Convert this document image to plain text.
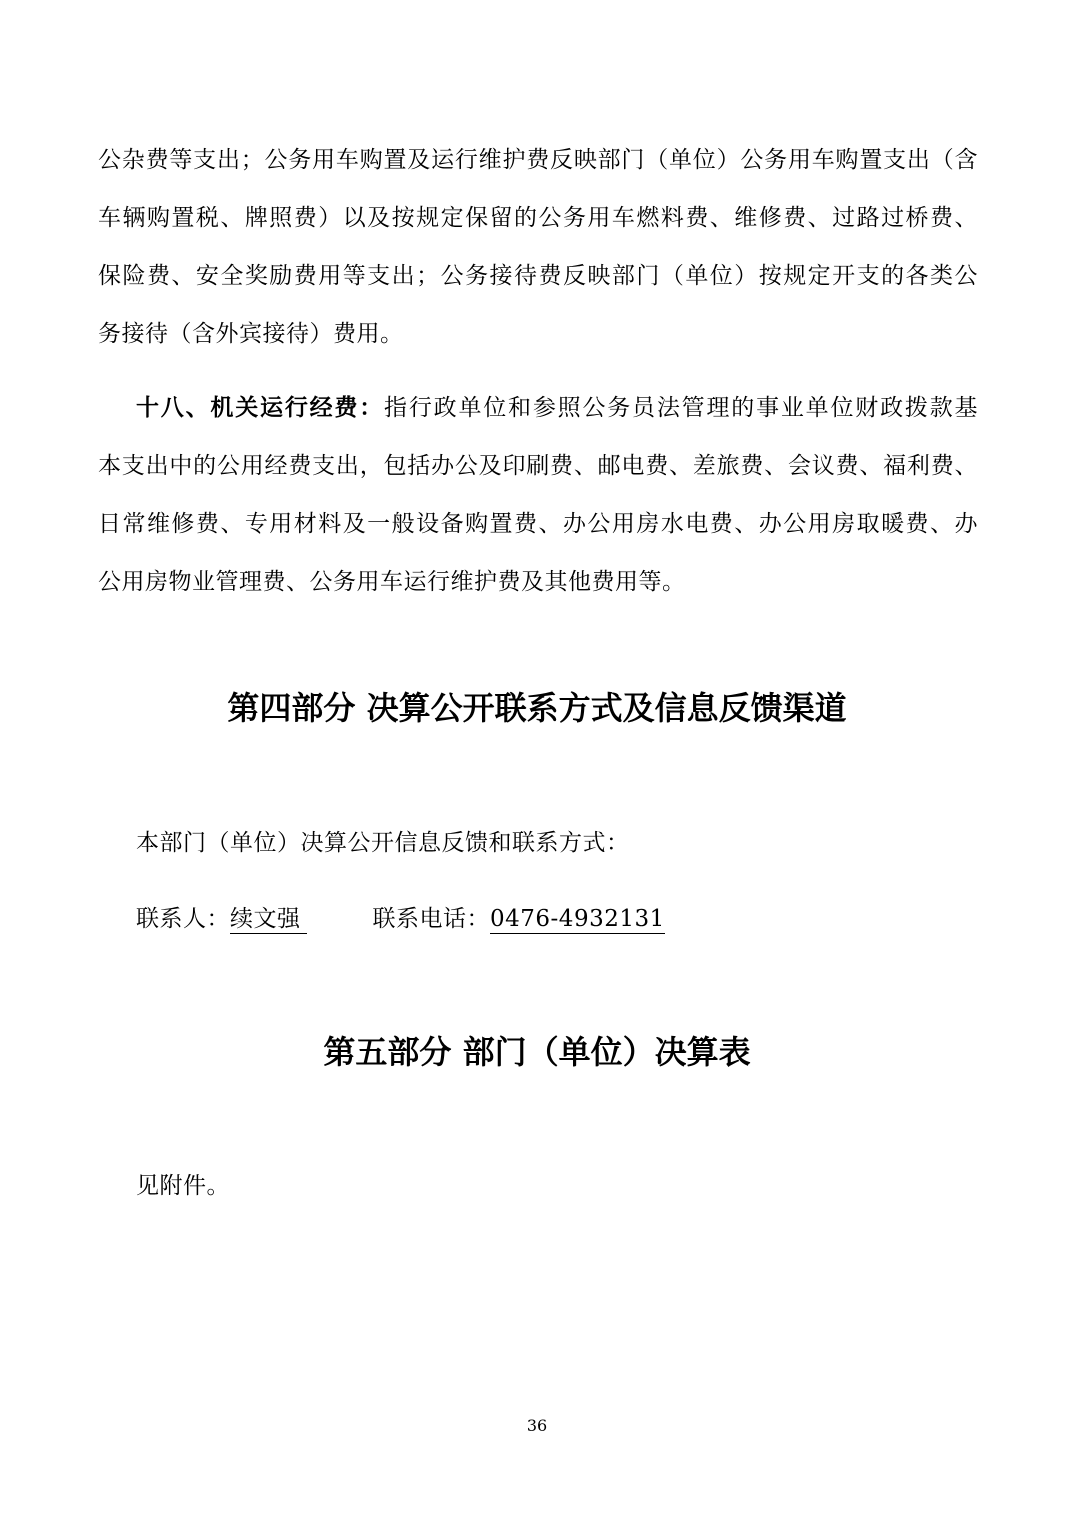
公杂费等支出；公务用车购置及运行维护费反映部门（单位）公务用车购置支出（含
车辆购置税、牌照费）以及按规定保留的公务用车燃料费、维修费、过路过桥费、
保险费、安全奖励费用等支出；公务接待费反映部门（单位）按规定开支的各类公
务接待（含外宾接待）费用。
十八、机关运行经费：指行政单位和参照公务员法管理的事业单位财政拨款基
本支出中的公用经费支出，包括办公及印刷费、邮电费、差旅费、会议费、福利费、
日常维修费、专用材料及一般设备购置费、办公用房水电费、办公用房取暖费、办
公用房物业管理费、公务用车运行维护费及其他费用等。
第四部分 决算公开联系方式及信息反馈渠道
本部门（单位）决算公开信息反馈和联系方式：
联系人：续文强	联系电话：0476-4932131
第五部分 部门（单位）决算表
见附件。
36
